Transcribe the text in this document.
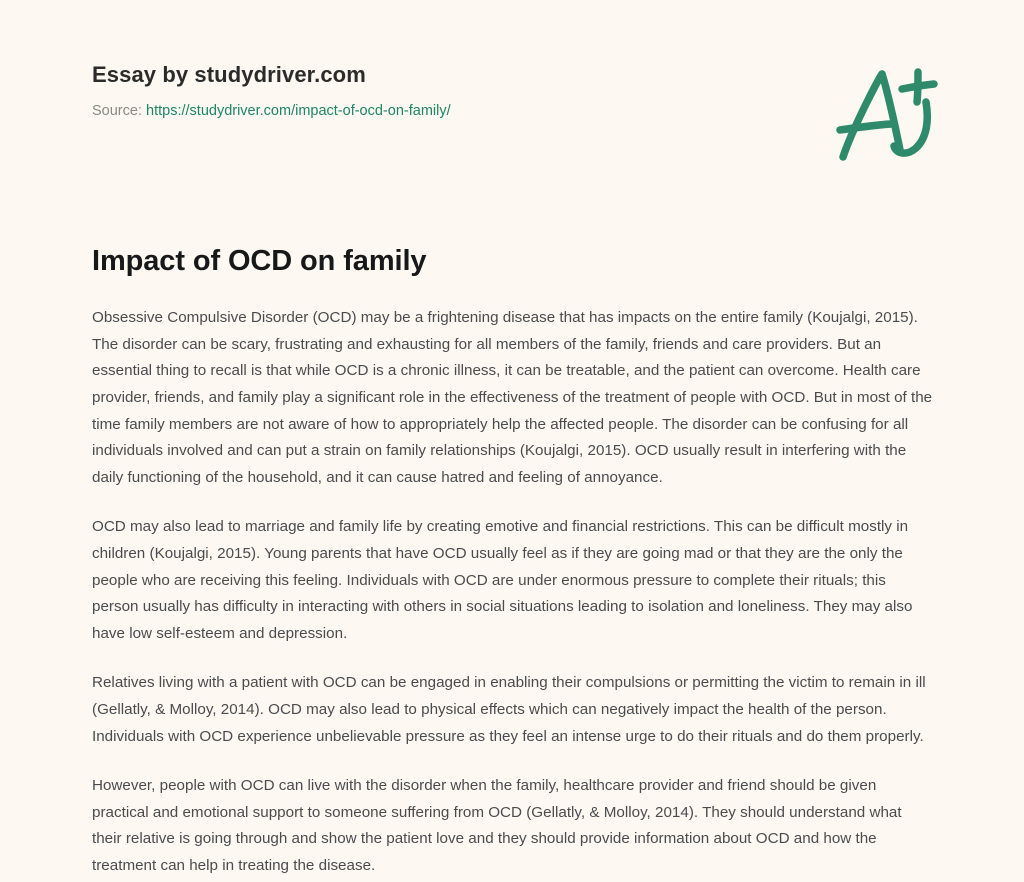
Essay by studydriver.com
Source: https://studydriver.com/impact-of-ocd-on-family/
Impact of OCD on family

Obsessive Compulsive Disorder (OCD) may be a frightening disease that has impacts on the entire family (Koujalgi, 2015). The disorder can be scary, frustrating and exhausting for all members of the family, friends and care providers. But an essential thing to recall is that while OCD is a chronic illness, it can be treatable, and the patient can overcome. Health care provider, friends, and family play a significant role in the effectiveness of the treatment of people with OCD. But in most of the time family members are not aware of how to appropriately help the affected people. The disorder can be confusing for all individuals involved and can put a strain on family relationships (Koujalgi, 2015). OCD usually result in interfering with the daily functioning of the household, and it can cause hatred and feeling of annoyance.

OCD may also lead to marriage and family life by creating emotive and financial restrictions. This can be difficult mostly in children (Koujalgi, 2015). Young parents that have OCD usually feel as if they are going mad or that they are the only the people who are receiving this feeling. Individuals with OCD are under enormous pressure to complete their rituals; this person usually has difficulty in interacting with others in social situations leading to isolation and loneliness. They may also have low self-esteem and depression.

Relatives living with a patient with OCD can be engaged in enabling their compulsions or permitting the victim to remain in ill (Gellatly, & Molloy, 2014). OCD may also lead to physical effects which can negatively impact the health of the person. Individuals with OCD experience unbelievable pressure as they feel an intense urge to do their rituals and do them properly.

However, people with OCD can live with the disorder when the family, healthcare provider and friend should be given practical and emotional support to someone suffering from OCD (Gellatly, & Molloy, 2014). They should understand what their relative is going through and show the patient love and they should provide information about OCD and how the treatment can help in treating the disease.
